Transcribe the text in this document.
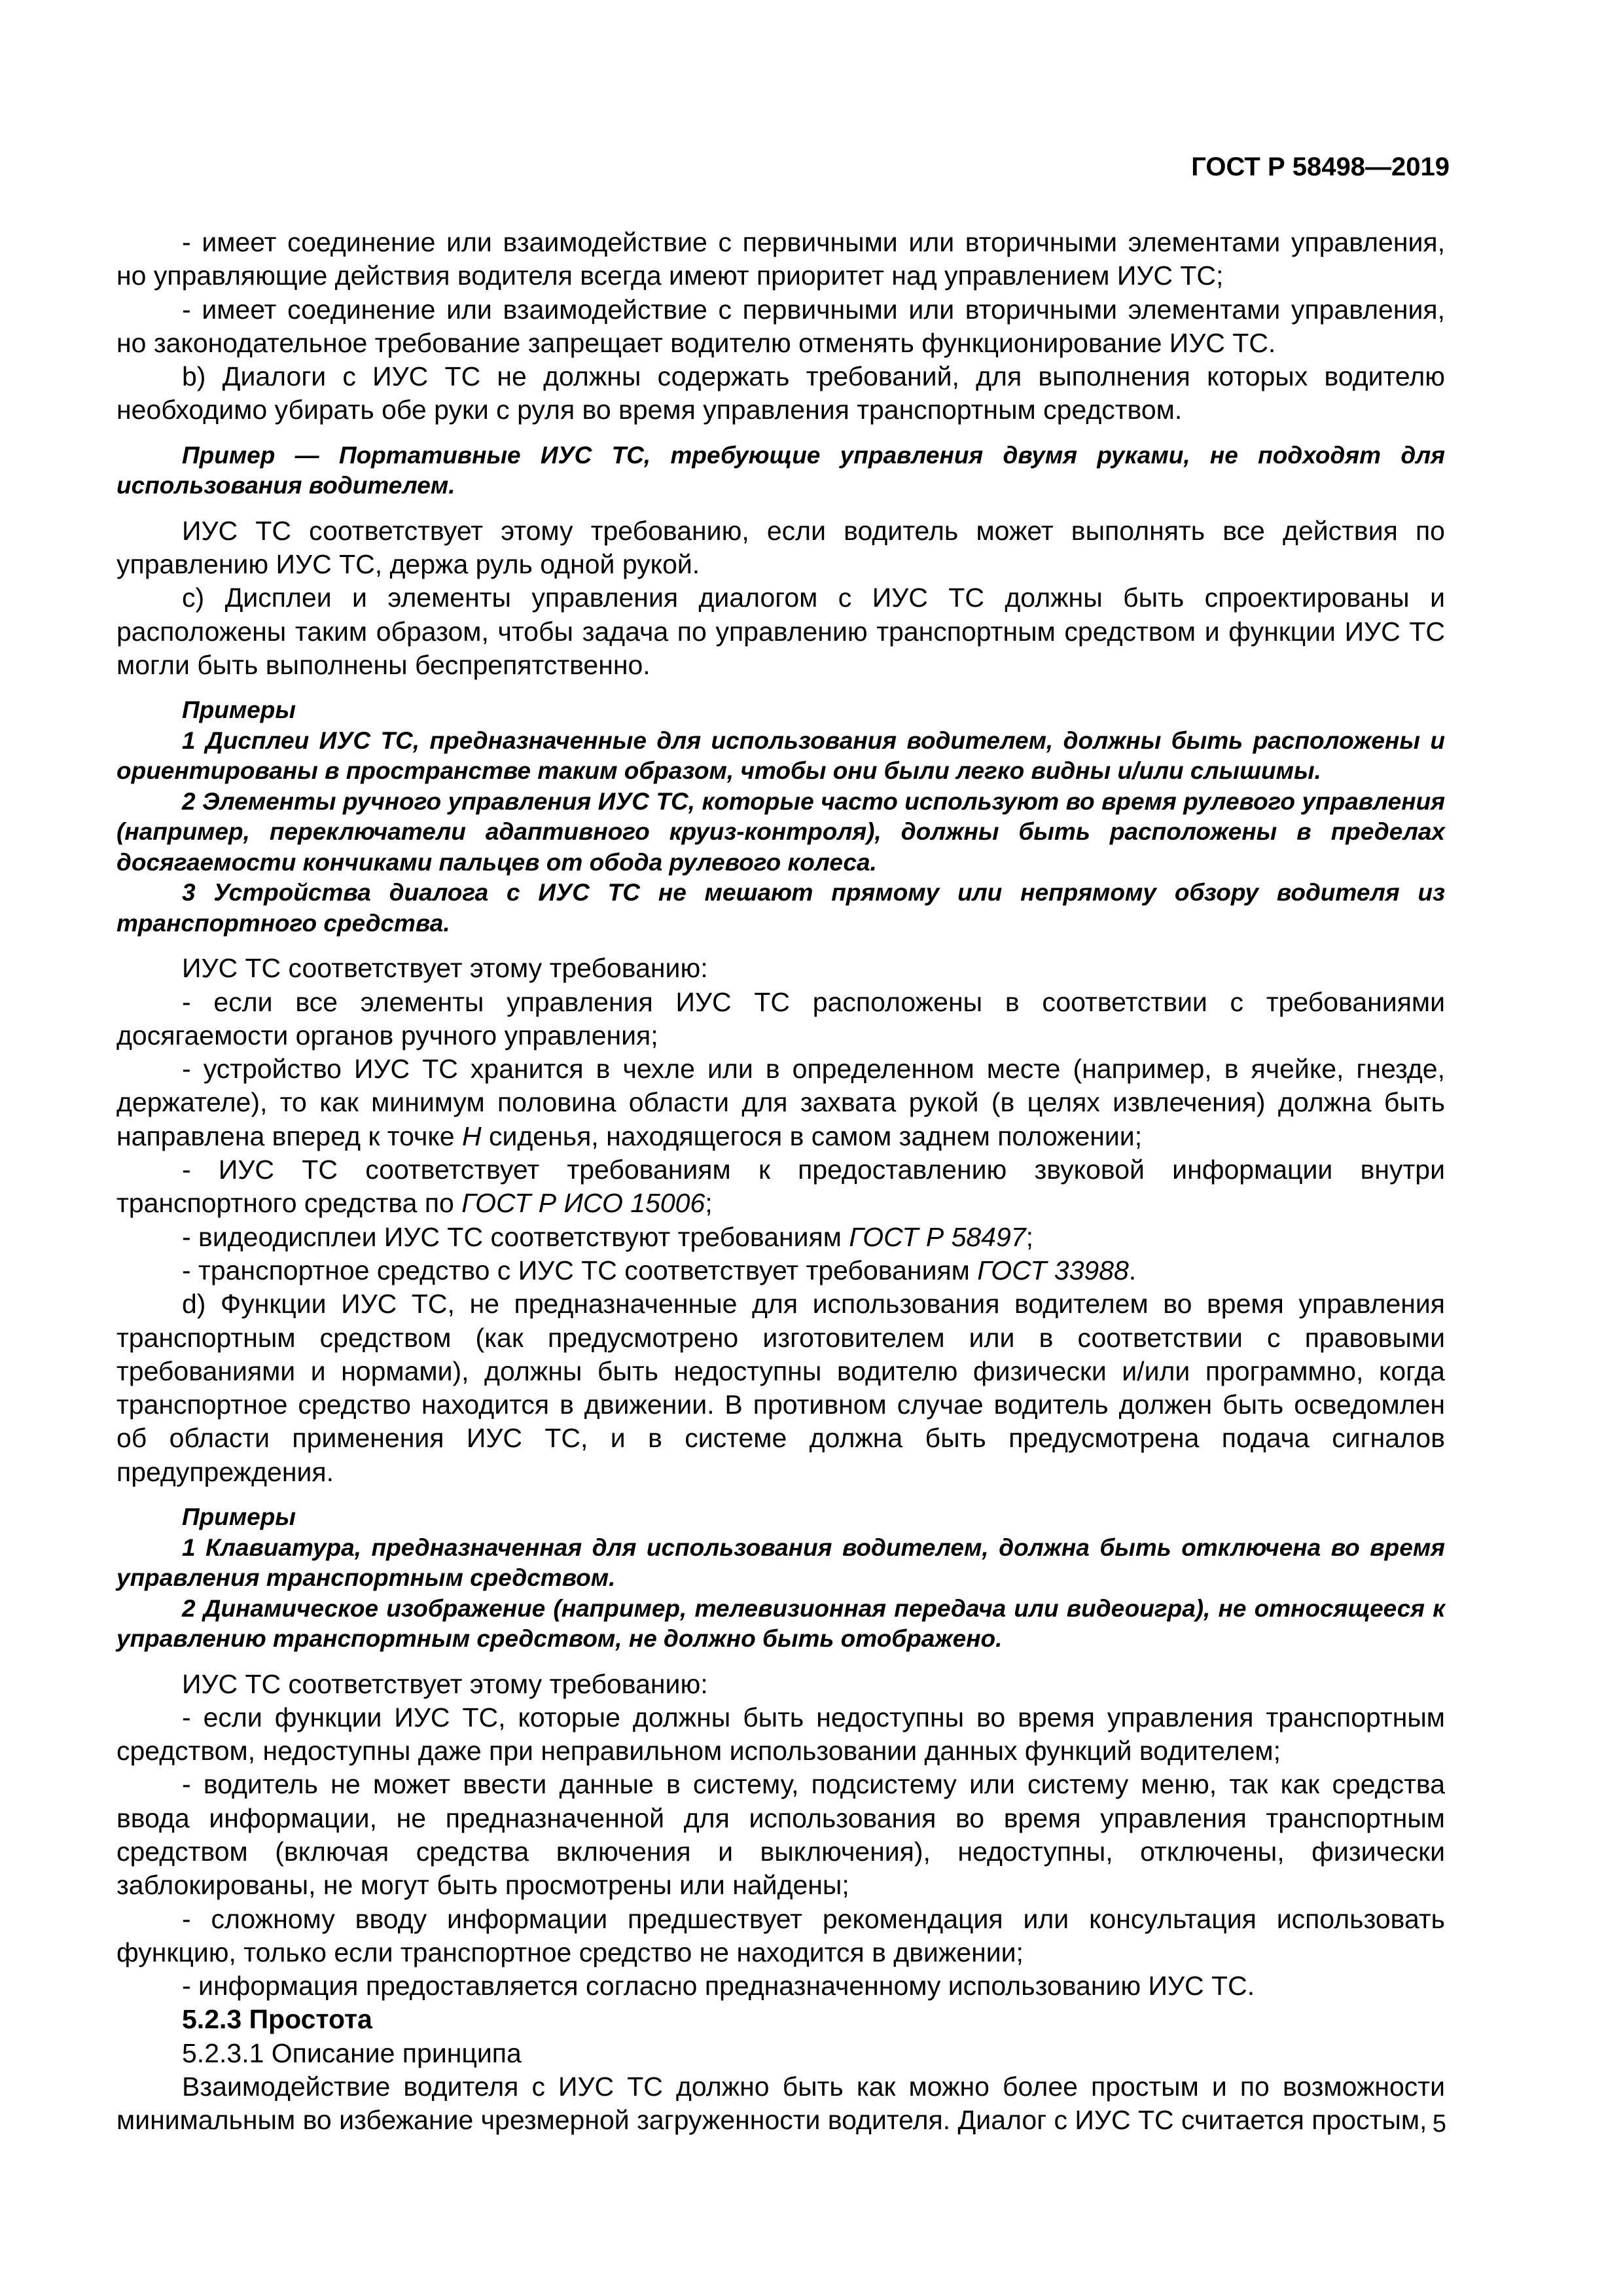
ГОСТ Р 58498—2019

- имеет соединение или взаимодействие с первичными или вторичными элементами управления, но управляющие действия водителя всегда имеют приоритет над управлением ИУС ТС;

- имеет соединение или взаимодействие с первичными или вторичными элементами управления, но законодательное требование запрещает водителю отменять функционирование ИУС ТС.

b) Диалоги с ИУС ТС не должны содержать требований, для выполнения которых водителю необходимо убирать обе руки с руля во время управления транспортным средством.

Пример — Портативные ИУС ТС, требующие управления двумя руками, не подходят для использования водителем.

ИУС ТС соответствует этому требованию, если водитель может выполнять все действия по управлению ИУС ТС, держа руль одной рукой.

c) Дисплеи и элементы управления диалогом с ИУС ТС должны быть спроектированы и расположены таким образом, чтобы задача по управлению транспортным средством и функции ИУС ТС могли быть выполнены беспрепятственно.

Примеры

1 Дисплеи ИУС ТС, предназначенные для использования водителем, должны быть расположены и ориентированы в пространстве таким образом, чтобы они были легко видны и/или слышимы.

2 Элементы ручного управления ИУС ТС, которые часто используют во время рулевого управления (например, переключатели адаптивного круиз-контроля), должны быть расположены в пределах досягаемости кончиками пальцев от обода рулевого колеса.

3 Устройства диалога с ИУС ТС не мешают прямому или непрямому обзору водителя из транспортного средства.

ИУС ТС соответствует этому требованию:

- если все элементы управления ИУС ТС расположены в соответствии с требованиями досягаемости органов ручного управления;

- устройство ИУС ТС хранится в чехле или в определенном месте (например, в ячейке, гнезде, держателе), то как минимум половина области для захвата рукой (в целях извлечения) должна быть направлена вперед к точке H сиденья, находящегося в самом заднем положении;

- ИУС ТС соответствует требованиям к предоставлению звуковой информации внутри транспортного средства по ГОСТ Р ИСО 15006;

- видеодисплеи ИУС ТС соответствуют требованиям ГОСТ Р 58497;

- транспортное средство с ИУС ТС соответствует требованиям ГОСТ 33988.

d) Функции ИУС ТС, не предназначенные для использования водителем во время управления транспортным средством (как предусмотрено изготовителем или в соответствии с правовыми требованиями и нормами), должны быть недоступны водителю физически и/или программно, когда транспортное средство находится в движении. В противном случае водитель должен быть осведомлен об области применения ИУС ТС, и в системе должна быть предусмотрена подача сигналов предупреждения.

Примеры

1 Клавиатура, предназначенная для использования водителем, должна быть отключена во время управления транспортным средством.

2 Динамическое изображение (например, телевизионная передача или видеоигра), не относящееся к управлению транспортным средством, не должно быть отображено.

ИУС ТС соответствует этому требованию:

- если функции ИУС ТС, которые должны быть недоступны во время управления транспортным средством, недоступны даже при неправильном использовании данных функций водителем;

- водитель не может ввести данные в систему, подсистему или систему меню, так как средства ввода информации, не предназначенной для использования во время управления транспортным средством (включая средства включения и выключения), недоступны, отключены, физически заблокированы, не могут быть просмотрены или найдены;

- сложному вводу информации предшествует рекомендация или консультация использовать функцию, только если транспортное средство не находится в движении;

- информация предоставляется согласно предназначенному использованию ИУС ТС.

5.2.3 Простота

5.2.3.1 Описание принципа

Взаимодействие водителя с ИУС ТС должно быть как можно более простым и по возможности минимальным во избежание чрезмерной загруженности водителя. Диалог с ИУС ТС считается простым, 5
